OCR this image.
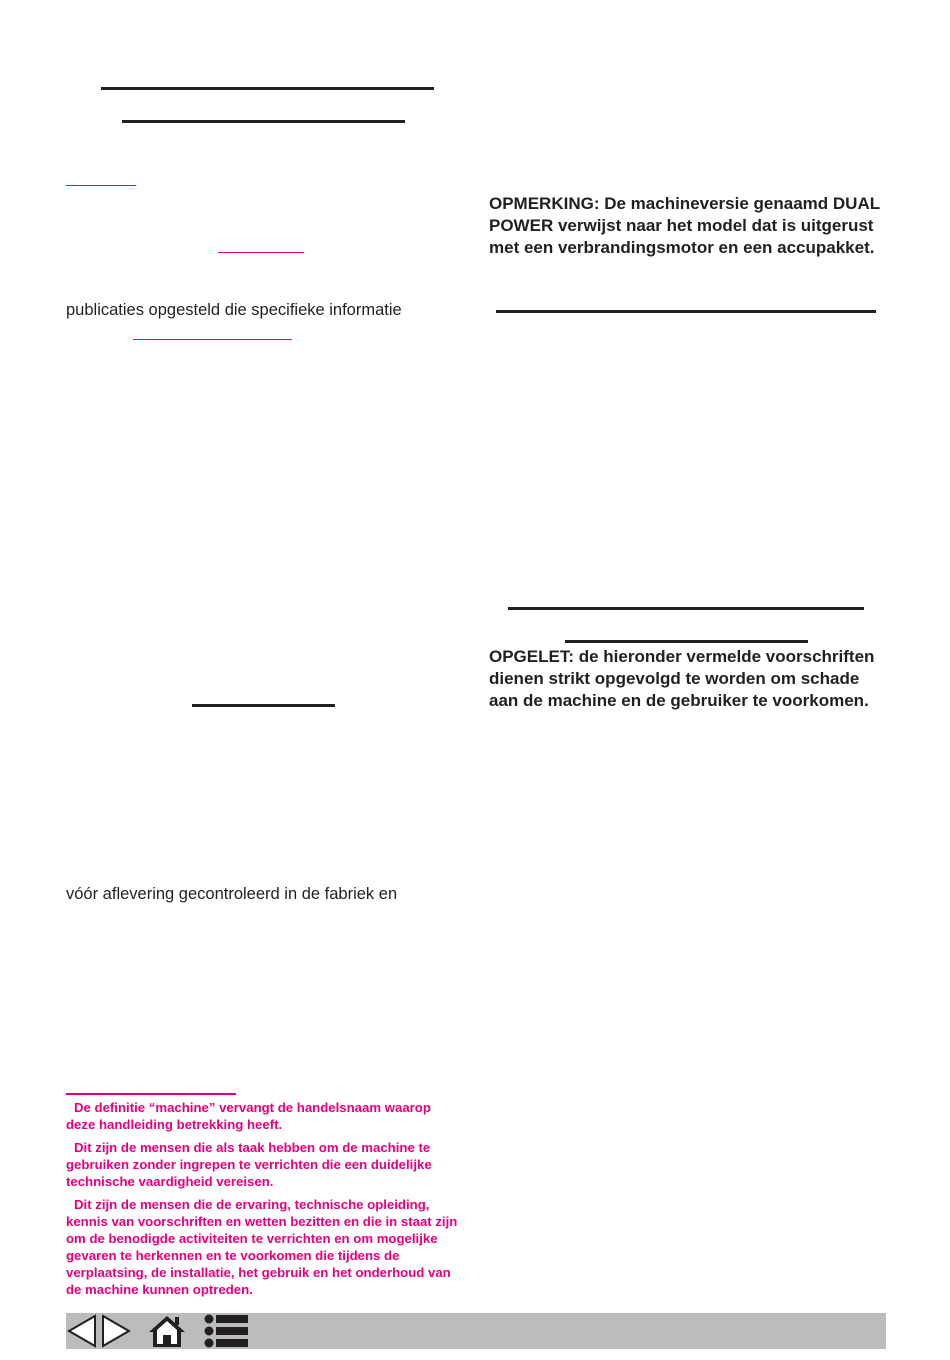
publicaties opgesteld die specifieke informatie
vóór aflevering gecontroleerd in de fabriek en

De definitie “machine” vervangt de handelsnaam waarop deze handleiding betrekking heeft.

Dit zijn de mensen die als taak hebben om de machine te gebruiken zonder ingrepen te verrichten die een duidelijke technische vaardigheid vereisen.

Dit zijn de mensen die de ervaring, technische opleiding, kennis van voorschriften en wetten bezitten en die in staat zijn om de benodigde activiteiten te verrichten en om mogelijke gevaren te herkennen en te voorkomen die tijdens de verplaatsing, de installatie, het gebruik en het onderhoud van de machine kunnen optreden.

OPMERKING: De machineversie genaamd DUAL POWER verwijst naar het model dat is uitgerust met een verbrandingsmotor en een accupakket.
OPGELET: de hieronder vermelde voorschriften dienen strikt opgevolgd te worden om schade aan de machine en de gebruiker te voorkomen.
